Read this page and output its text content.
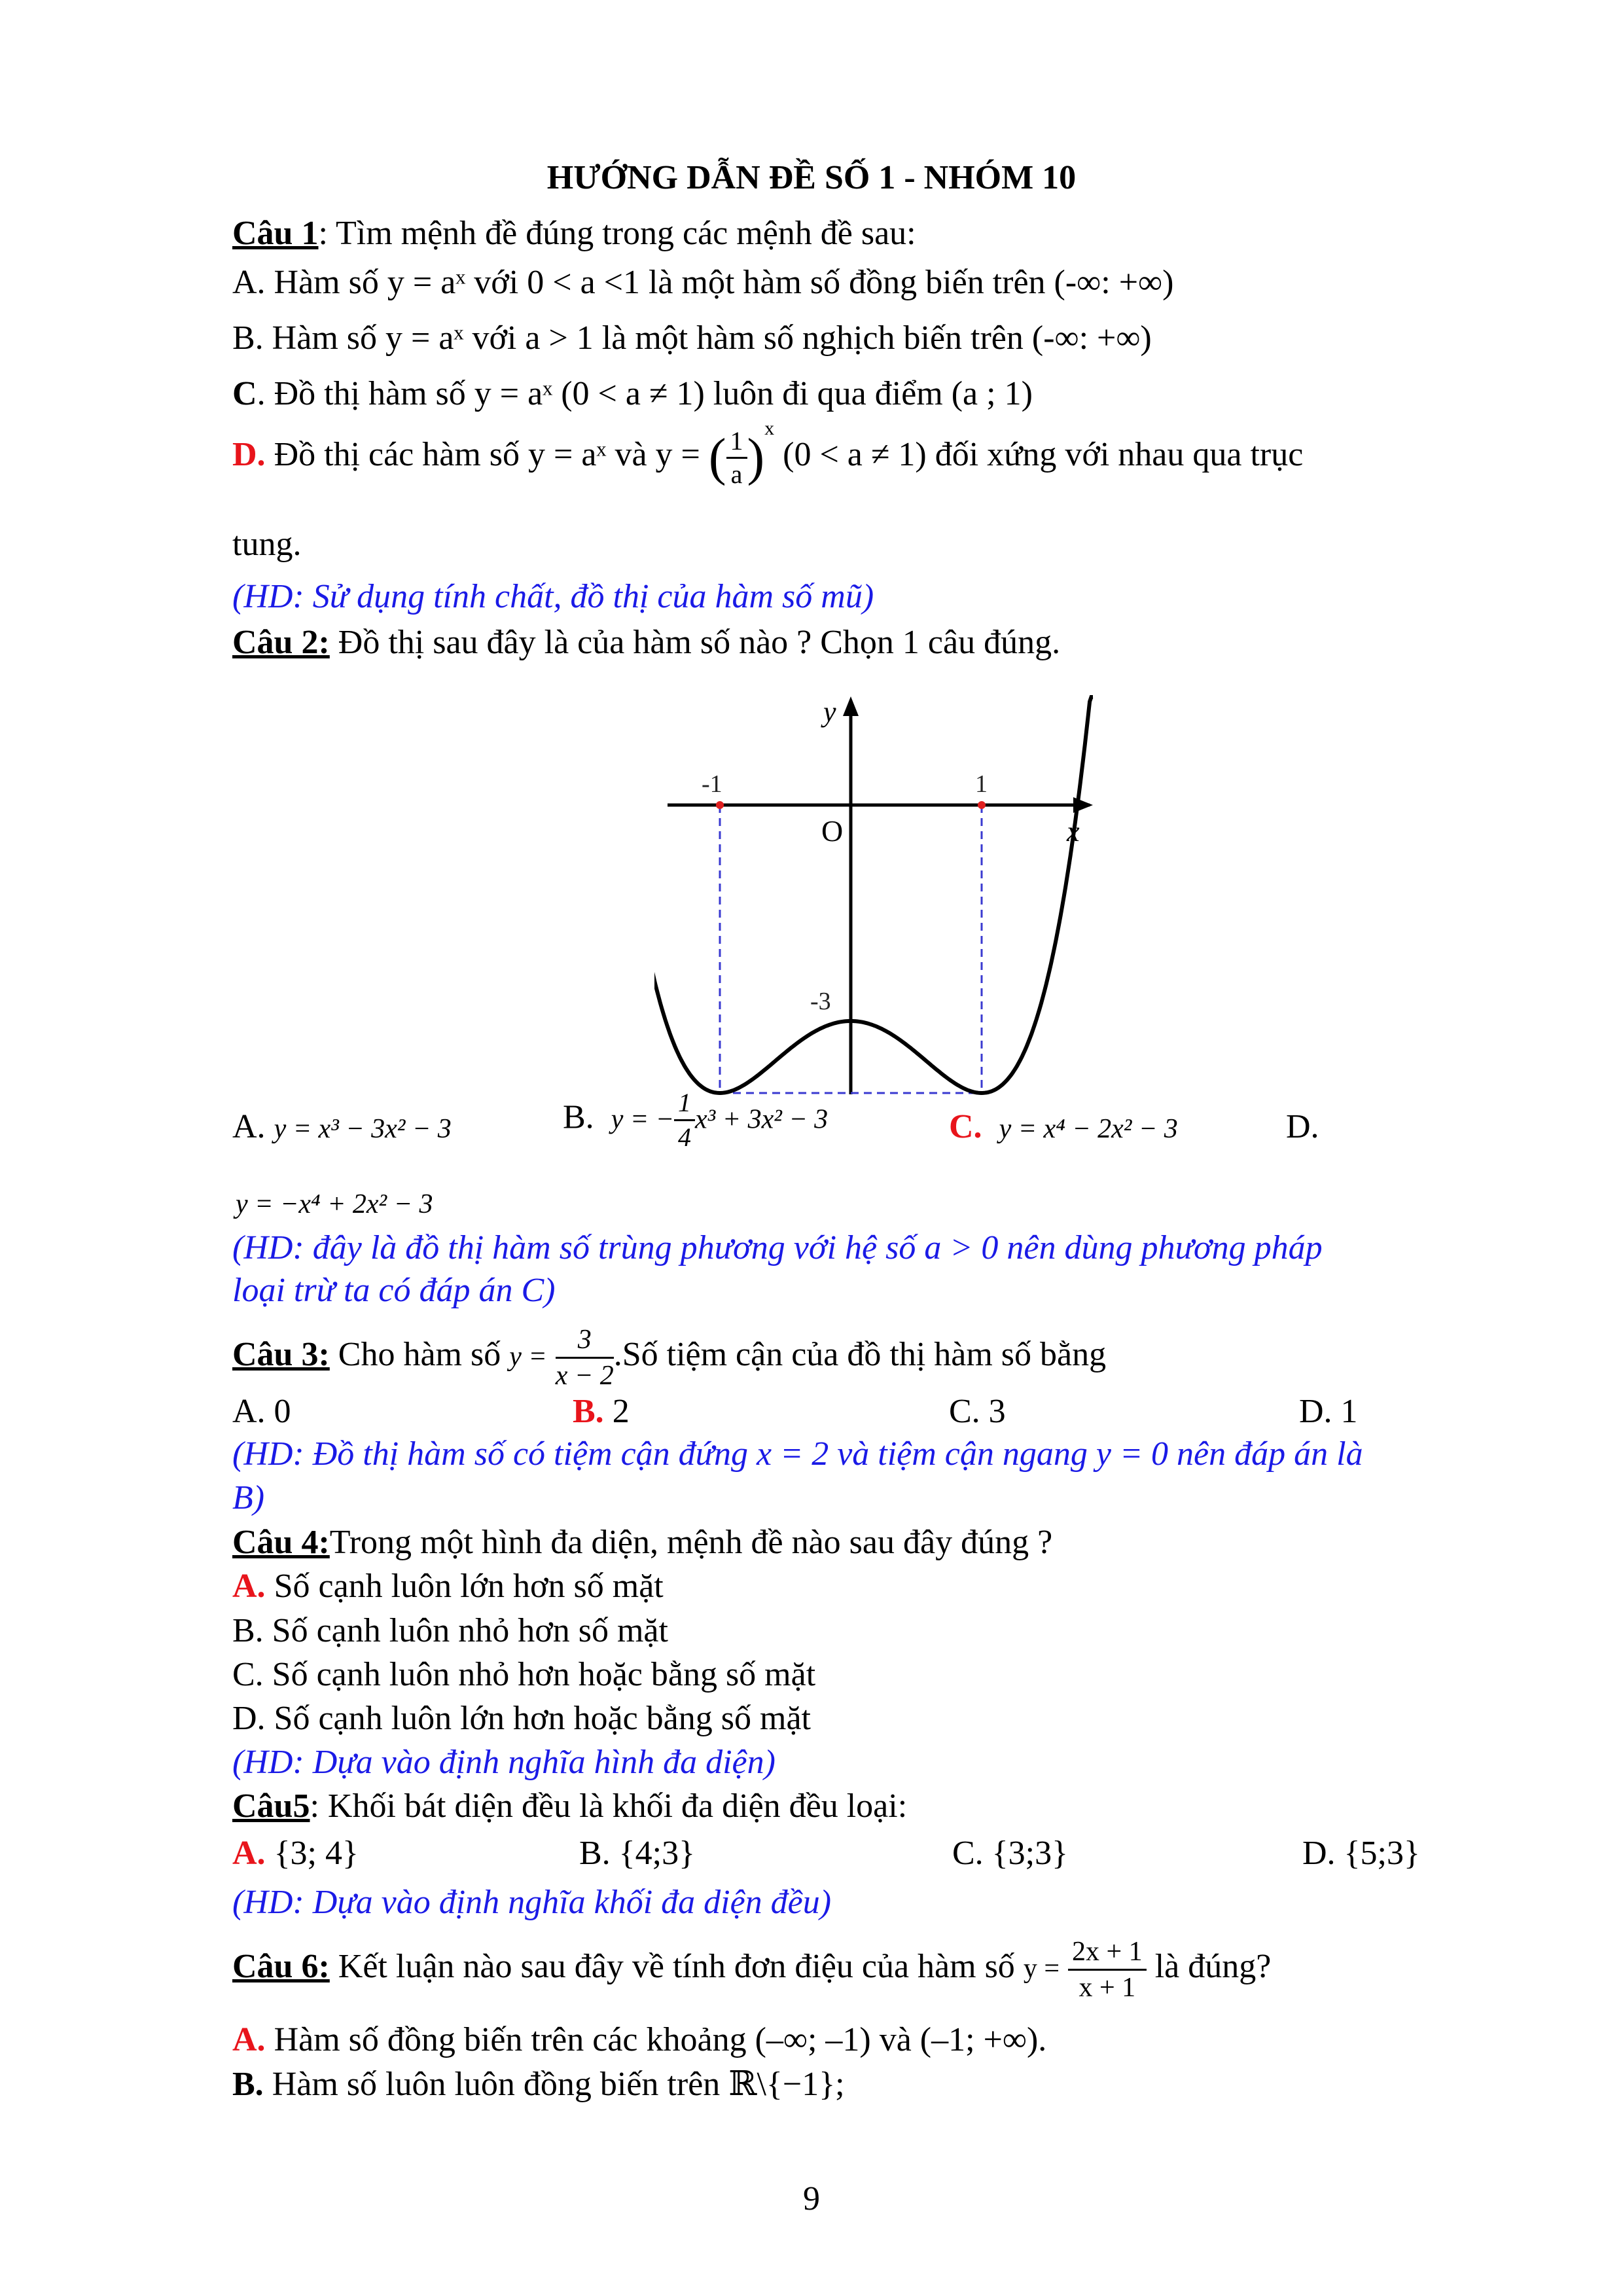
HƯỚNG DẪN ĐỀ SỐ 1 - NHÓM 10
Câu 1: Tìm mệnh đề đúng trong các mệnh đề sau:
A. Hàm số y = aˣ với 0 < a <1 là một hàm số đồng biến trên (-∞: +∞)
B. Hàm số y = aˣ với a > 1 là một hàm số nghịch biến trên (-∞: +∞)
C. Đồ thị hàm số y = aˣ (0 < a ≠ 1) luôn đi qua điểm (a ; 1)
D. Đồ thị các hàm số y = aˣ và y = ( $\frac{1}{a} )^x$ (0 < a ≠ 1) đối xứng với nhau qua trục
tung.
(HD: Sử dụng tính chất, đồ thị của hàm số mũ)
Câu 2: Đồ thị sau đây là của hàm số nào ? Chọn 1 câu đúng.
y
x
O
-1	1
-3
A. y = x³ − 3x² − 3	B. y = − $\frac{1}{4} x^3 + 3x^2 - 3$	C. y = x⁴ − 2x² − 3	D.
y = −x⁴ + 2x² − 3
(HD: đây là đồ thị hàm số trùng phương với hệ số a > 0 nên dùng phương pháp
loại trừ ta có đáp án C)
Câu 3: Cho hàm số $y = \frac{3}{x - 2}$ .Số tiệm cận của đồ thị hàm số bằng
A. 0	B. 2	C. 3	D. 1
(HD: Đồ thị hàm số có tiệm cận đứng x = 2 và tiệm cận ngang y = 0 nên đáp án là
B)
Câu 4:Trong một hình đa diện, mệnh đề nào sau đây đúng ?
A. Số cạnh luôn lớn hơn số mặt
B. Số cạnh luôn nhỏ hơn số mặt
C. Số cạnh luôn nhỏ hơn hoặc bằng số mặt
D. Số cạnh luôn lớn hơn hoặc bằng số mặt
(HD: Dựa vào định nghĩa hình đa diện)
Câu5: Khối bát diện đều là khối đa diện đều loại:
A. {3; 4}	B. {4;3}	C. {3;3}	D. {5;3}
(HD: Dựa vào định nghĩa khối đa diện đều)
Câu 6: Kết luận nào sau đây về tính đơn điệu của hàm số $y = \frac{2x + 1}{x + 1}$ là đúng?
A. Hàm số đồng biến trên các khoảng (–∞; –1) và (–1; +∞).
B. Hàm số luôn luôn đồng biến trên ℝ\{−1};
9
